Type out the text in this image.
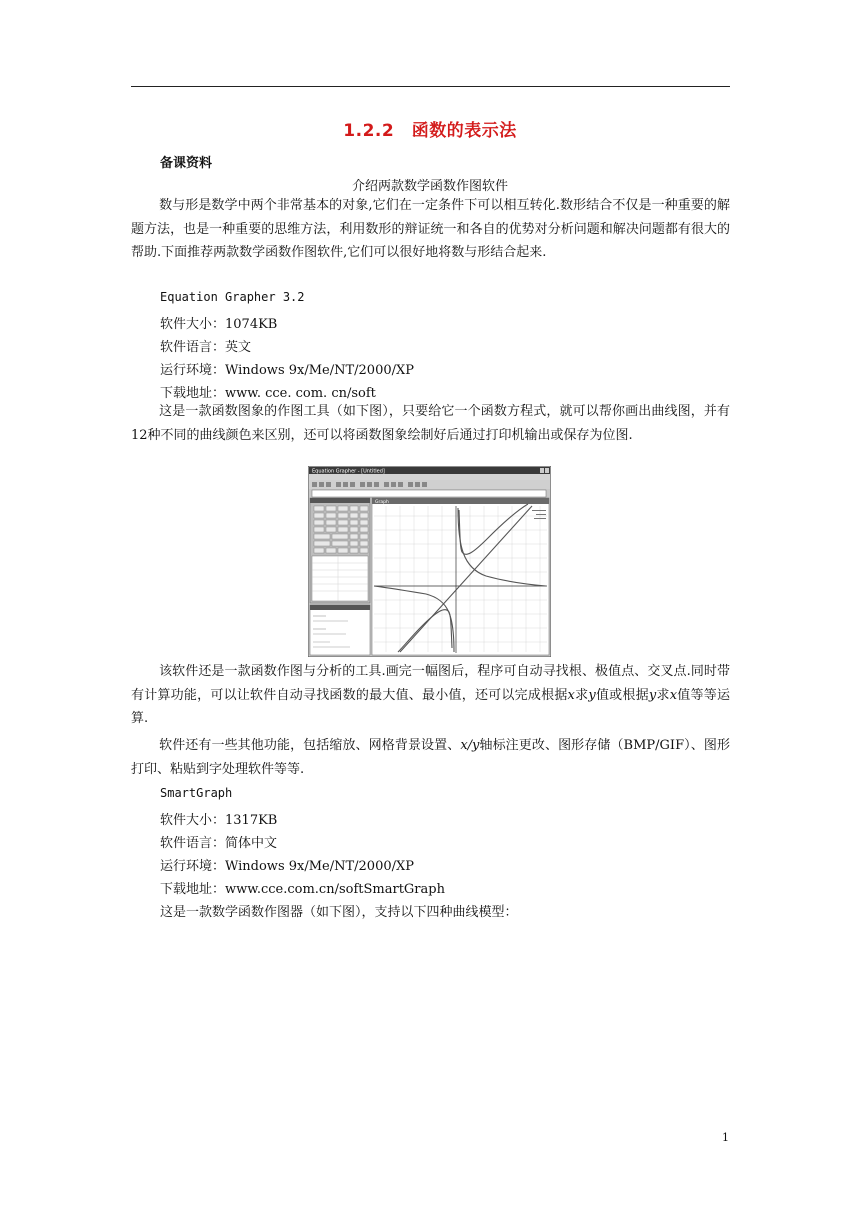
1.2.2　函数的表示法
备课资料
介绍两款数学函数作图软件
数与形是数学中两个非常基本的对象,它们在一定条件下可以相互转化.数形结合不仅是一种重要的解题方法，也是一种重要的思维方法，利用数形的辩证统一和各自的优势对分析问题和解决问题都有很大的帮助.下面推荐两款数学函数作图软件,它们可以很好地将数与形结合起来.
Equation Grapher 3.2
软件大小：1074KB
软件语言：英文
运行环境：Windows 9x/Me/NT/2000/XP
下载地址：www. cce. com. cn/soft
这是一款函数图象的作图工具（如下图），只要给它一个函数方程式，就可以帮你画出曲线图，并有12种不同的曲线颜色来区别，还可以将函数图象绘制好后通过打印机输出或保存为位图.
Equation Grapher - [Untitled]
Graph
该软件还是一款函数作图与分析的工具.画完一幅图后，程序可自动寻找根、极值点、交叉点.同时带有计算功能，可以让软件自动寻找函数的最大值、最小值，还可以完成根据x求y值或根据y求x值等等运算.
软件还有一些其他功能，包括缩放、网格背景设置、x/y轴标注更改、图形存储（BMP/GIF）、图形打印、粘贴到字处理软件等等.
SmartGraph
软件大小：1317KB
软件语言：简体中文
运行环境：Windows 9x/Me/NT/2000/XP
下载地址：www.cce.com.cn/softSmartGraph
这是一款数学函数作图器（如下图），支持以下四种曲线模型：
1
